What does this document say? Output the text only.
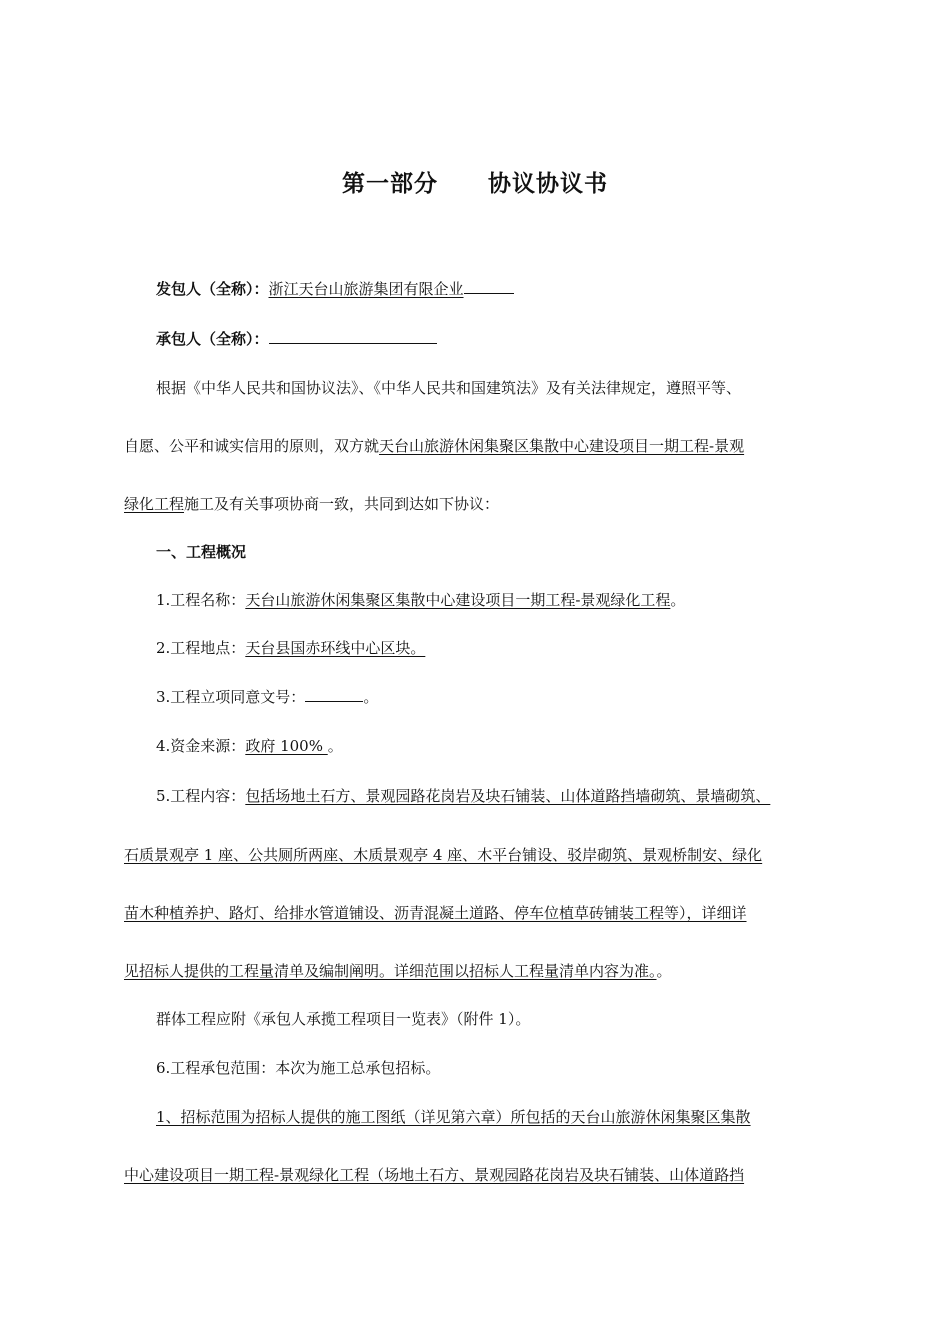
第一部分 协议协议书
发包人（全称）：浙江天台山旅游集团有限企业
承包人（全称）：
根据《中华人民共和国协议法》、《中华人民共和国建筑法》及有关法律规定，遵照平等、
自愿、公平和诚实信用的原则，双方就天台山旅游休闲集聚区集散中心建设项目一期工程-景观
绿化工程施工及有关事项协商一致，共同到达如下协议：
一、工程概况
1.工程名称：天台山旅游休闲集聚区集散中心建设项目一期工程-景观绿化工程。
2.工程地点：天台县国赤环线中心区块。
3.工程立项同意文号：	。
4.资金来源：政府 100% 。
5.工程内容：包括场地土石方、景观园路花岗岩及块石铺装、山体道路挡墙砌筑、景墙砌筑、
石质景观亭 1 座、公共厕所两座、木质景观亭 4 座、木平台铺设、驳岸砌筑、景观桥制安、绿化
苗木种植养护、路灯、给排水管道铺设、沥青混凝土道路、停车位植草砖铺装工程等），详细详
见招标人提供的工程量清单及编制阐明。详细范围以招标人工程量清单内容为准。。
群体工程应附《承包人承揽工程项目一览表》（附件 1）。
6.工程承包范围：本次为施工总承包招标。
1、招标范围为招标人提供的施工图纸（详见第六章）所包括的天台山旅游休闲集聚区集散
中心建设项目一期工程-景观绿化工程（场地土石方、景观园路花岗岩及块石铺装、山体道路挡
